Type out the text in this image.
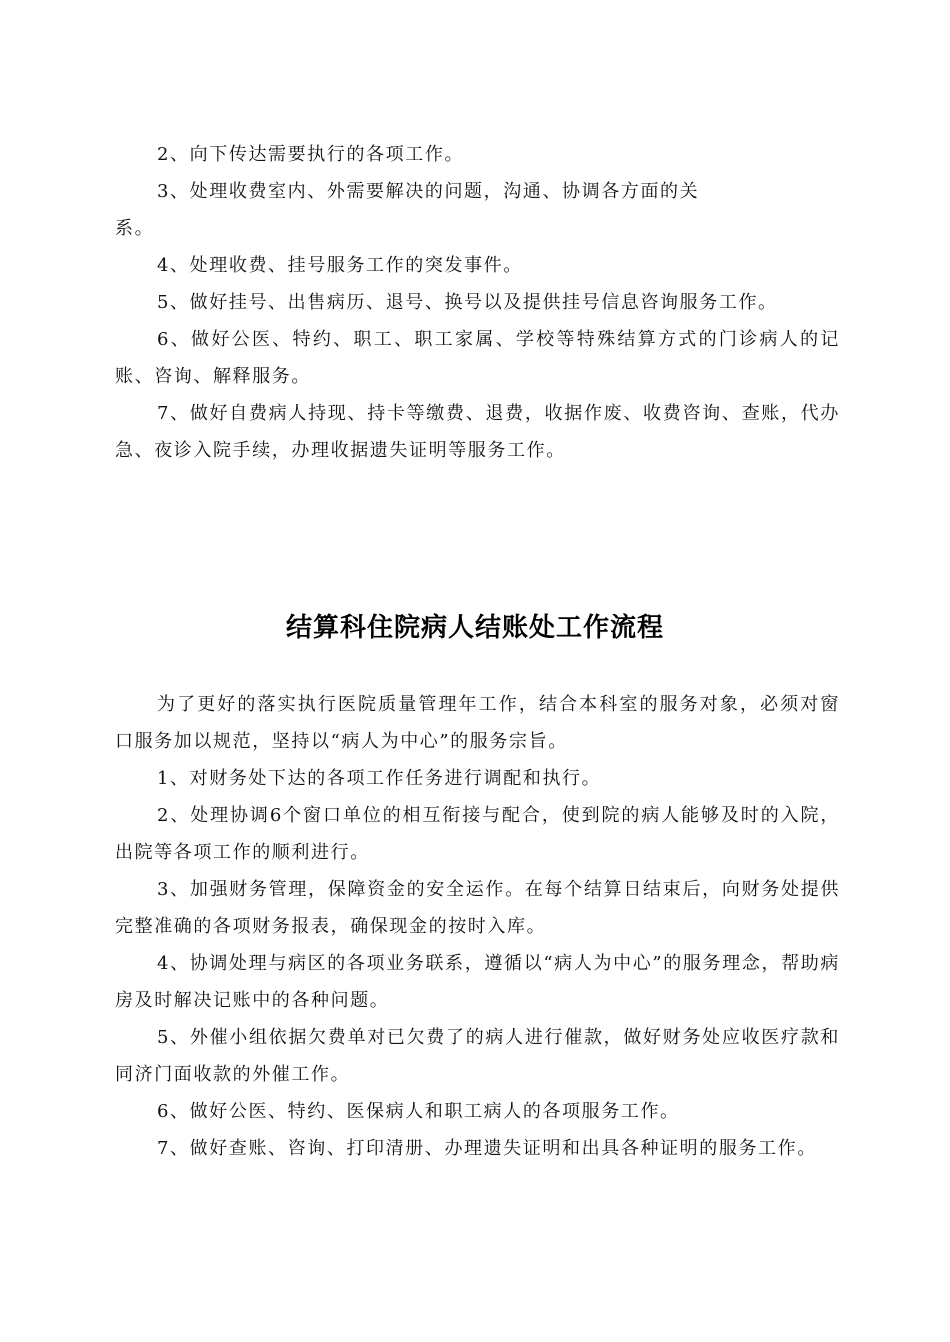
2、向下传达需要执行的各项工作。

3、处理收费室内、外需要解决的问题，沟通、协调各方面的关

系。

4、处理收费、挂号服务工作的突发事件。

5、做好挂号、出售病历、退号、换号以及提供挂号信息咨询服务工作。

6、做好公医、特约、职工、职工家属、学校等特殊结算方式的门诊病人的记账、咨询、解释服务。

7、做好自费病人持现、持卡等缴费、退费，收据作废、收费咨询、查账，代办急、夜诊入院手续，办理收据遗失证明等服务工作。

结算科住院病人结账处工作流程

为了更好的落实执行医院质量管理年工作，结合本科室的服务对象，必须对窗口服务加以规范，坚持以“病人为中心”的服务宗旨。

1、对财务处下达的各项工作任务进行调配和执行。

2、处理协调6个窗口单位的相互衔接与配合，使到院的病人能够及时的入院，出院等各项工作的顺利进行。

3、加强财务管理，保障资金的安全运作。在每个结算日结束后，向财务处提供完整准确的各项财务报表，确保现金的按时入库。

4、协调处理与病区的各项业务联系，遵循以“病人为中心”的服务理念，帮助病房及时解决记账中的各种问题。

5、外催小组依据欠费单对已欠费了的病人进行催款，做好财务处应收医疗款和同济门面收款的外催工作。

6、做好公医、特约、医保病人和职工病人的各项服务工作。

7、做好查账、咨询、打印清册、办理遗失证明和出具各种证明的服务工作。
